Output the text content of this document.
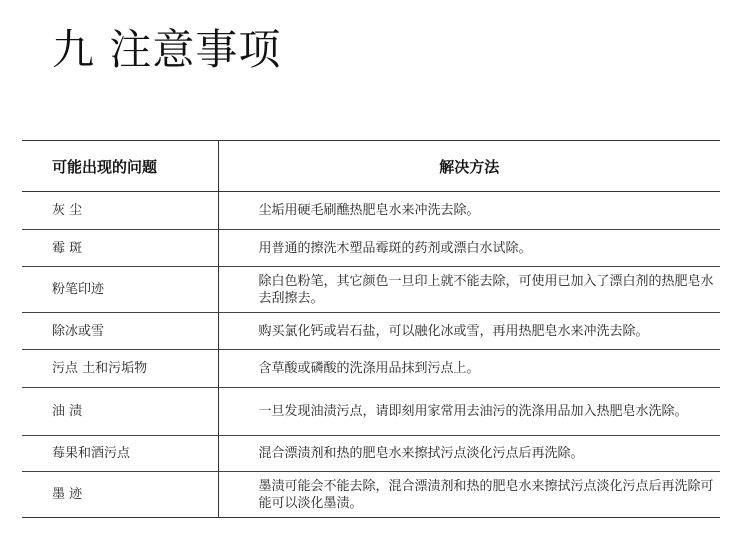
九 注意事项
可能出现的问题	解决方法
灰 尘	尘垢用硬毛刷醮热肥皂水来冲洗去除。
霉 斑	用普通的擦洗木塑品霉斑的药剂或漂白水试除。
粉笔印迹	除白色粉笔，其它颜色一旦印上就不能去除，可使用已加入了漂白剂的热肥皂水去刮擦去。
除冰或雪	购买氯化钙或岩石盐，可以融化冰或雪，再用热肥皂水来冲洗去除。
污点 土和污垢物	含草酸或磷酸的洗涤用品抹到污点上。
油 渍	一旦发现油渍污点，请即刻用家常用去油污的洗涤用品加入热肥皂水洗除。
莓果和酒污点	混合漂渍剂和热的肥皂水来擦拭污点淡化污点后再洗除。
墨 迹	墨渍可能会不能去除，混合漂渍剂和热的肥皂水来擦拭污点淡化污点后再洗除可能可以淡化墨渍。
